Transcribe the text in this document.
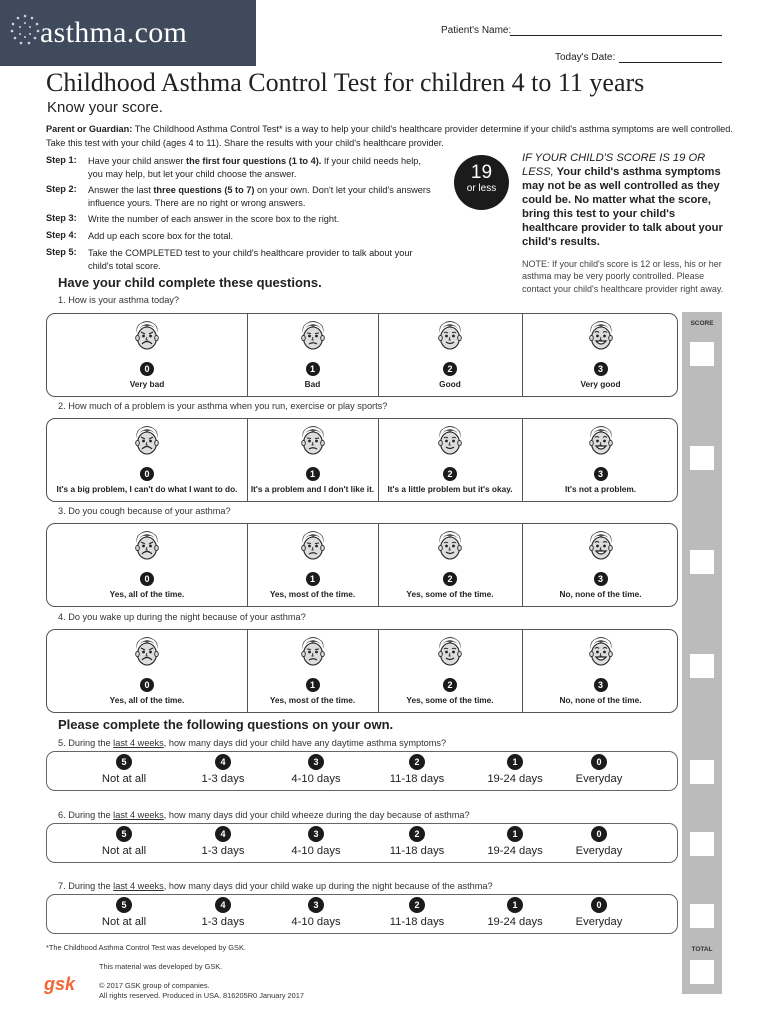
asthma.com	Patient's Name:
Today's Date:
Childhood Asthma Control Test for children 4 to 11 years
Know your score.
Parent or Guardian: The Childhood Asthma Control Test* is a way to help your child's healthcare provider determine if your child's asthma symptoms are well controlled.
Take this test with your child (ages 4 to 11). Share the results with your child's healthcare provider.
Step 1: Have your child answer the first four questions (1 to 4). If your child needs help, you may help, but let your child choose the answer.
Step 2: Answer the last three questions (5 to 7) on your own. Don't let your child's answers influence yours. There are no right or wrong answers.
Step 3: Write the number of each answer in the score box to the right.
Step 4: Add up each score box for the total.
Step 5: Take the COMPLETED test to your child's healthcare provider to talk about your child's total score.
19
or less
IF YOUR CHILD'S SCORE IS 19 OR LESS, Your child's asthma symptoms may not be as well controlled as they could be. No matter what the score, bring this test to your child's healthcare provider to talk about your child's results.
NOTE: If your child's score is 12 or less, his or her asthma may be very poorly controlled. Please contact your child's healthcare provider right away.
Have your child complete these questions.
1. How is your asthma today?
2. How much of a problem is your asthma when you run, exercise or play sports?
3. Do you cough because of your asthma?
4. Do you wake up during the night because of your asthma?
0
Very bad
1
Bad
2
Good
3
Very good
0
It's a big problem, I can't do what I want to do.
1
It's a problem and I don't like it.
2
It's a little problem but it's okay.
3
It's not a problem.
0
Yes, all of the time.
1
Yes, most of the time.
2
Yes, some of the time.
3
No, none of the time.
0
Yes, all of the time.
1
Yes, most of the time.
2
Yes, some of the time.
3
No, none of the time.
Please complete the following questions on your own.
5. During the last 4 weeks, how many days did your child have any daytime asthma symptoms?
6. During the last 4 weeks, how many days did your child wheeze during the day because of asthma?
7. During the last 4 weeks, how many days did your child wake up during the night because of the asthma?
5
Not at all
4
1-3 days
3
4-10 days
2
11-18 days
1
19-24 days
0
Everyday
5
Not at all
4
1-3 days
3
4-10 days
2
11-18 days
1
19-24 days
0
Everyday
5
Not at all
4
1-3 days
3
4-10 days
2
11-18 days
1
19-24 days
0
Everyday
SCORE
TOTAL
*The Childhood Asthma Control Test was developed by GSK.
This material was developed by GSK.
gsk	© 2017 GSK group of companies.
All rights reserved. Produced in USA. 816205R0 January 2017
